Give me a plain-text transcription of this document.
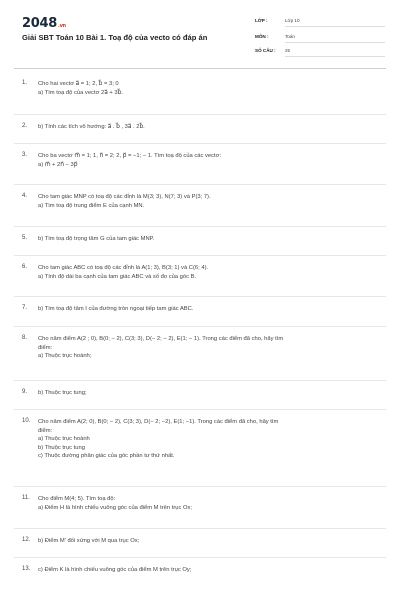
2048.vn
Giải SBT Toán 10 Bài 1. Toạ độ của vecto có đáp án
LỚP :	Lớp 10
MÔN :	Toán
SỐ CÂU : 25
1. Cho hai vectơ a⃗ = 1; 2, b⃗ = 3; 0
a) Tìm toạ độ của vectơ 2a⃗ + 3b⃗.
2. b) Tính các tích vô hướng: a⃗ . b⃗ , 3a⃗ . 2b⃗.
3. Cho ba vectơ m⃗ = 1; 1, n⃗ = 2; 2, p⃗ = −1; − 1. Tìm toạ độ của các vectơ:
a) m⃗ + 2n⃗ − 3p⃗
4. Cho tam giác MNP có toạ độ các đỉnh là M(3; 3), N(7; 3) và P(3; 7).
a) Tìm toạ độ trung điểm E của cạnh MN.
5. b) Tìm toạ độ trọng tâm G của tam giác MNP.
6. Cho tam giác ABC có toạ độ các đỉnh là A(1; 3), B(3; 1) và C(6; 4).
a) Tính độ dài ba cạnh của tam giác ABC và số đo của góc B.
7. b) Tìm toạ độ tâm I của đường tròn ngoại tiếp tam giác ABC.
8. Cho năm điểm A(2 ; 0), B(0; − 2), C(3; 3), D(− 2; − 2), E(1; − 1). Trong các điểm đã cho, hãy tìm
điểm:
a) Thuộc trục hoành;
9. b) Thuộc trục tung;
10. Cho năm điểm A(2; 0), B(0; − 2), C(3; 3), D(− 2; −2), E(1; −1). Trong các điểm đã cho, hãy tìm
điểm:
a) Thuộc trục hoành
b) Thuộc trục tung
c) Thuộc đường phân giác của góc phần tư thứ nhất.
11. Cho điểm M(4; 5). Tìm toạ độ:
a) Điểm H là hình chiếu vuông góc của điểm M trên trục Ox;
12. b) Điểm M' đối xứng với M qua trục Ox;
13. c) Điểm K là hình chiếu vuông góc của điểm M trên trục Oy;
